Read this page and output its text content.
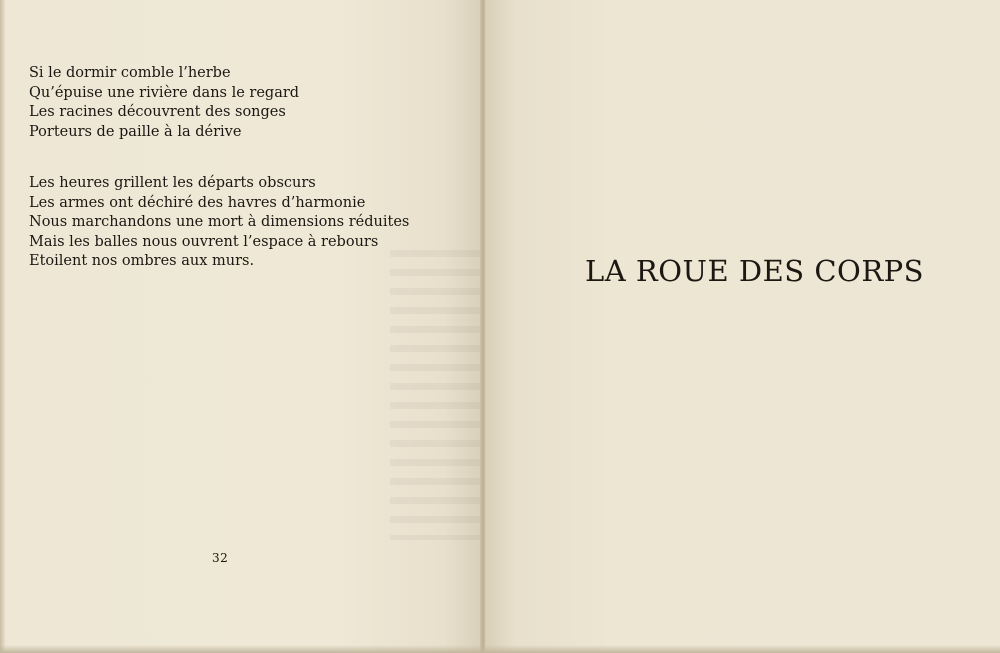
Si le dormir comble l’herbe
Qu’épuise une rivière dans le regard
Les racines découvrent des songes
Porteurs de paille à la dérive
Les heures grillent les départs obscurs
Les armes ont déchiré des havres d’harmonie
Nous marchandons une mort à dimensions réduites
Mais les balles nous ouvrent l’espace à rebours
Etoilent nos ombres aux murs.
32
LA ROUE DES CORPS
